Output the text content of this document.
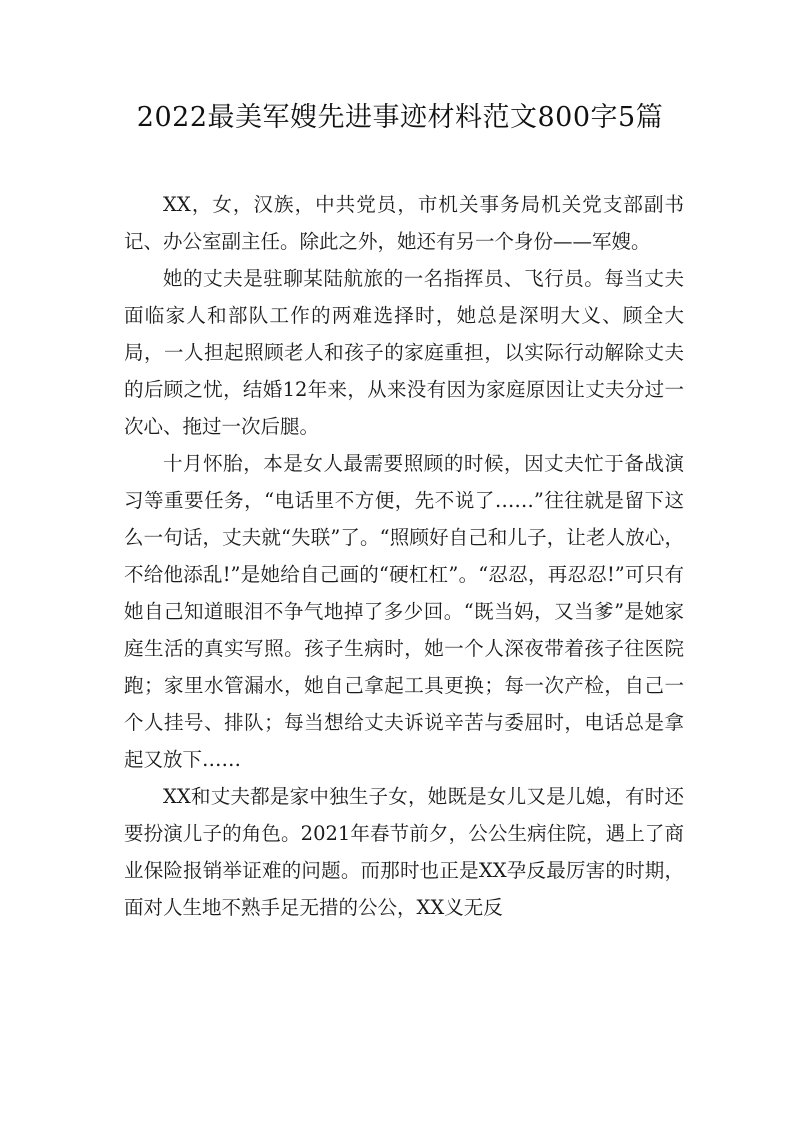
2022最美军嫂先进事迹材料范文800字5篇

XX，女，汉族，中共党员，市机关事务局机关党支部副书记、办公室副主任。除此之外，她还有另一个身份——军嫂。

她的丈夫是驻聊某陆航旅的一名指挥员、飞行员。每当丈夫面临家人和部队工作的两难选择时，她总是深明大义、顾全大局，一人担起照顾老人和孩子的家庭重担，以实际行动解除丈夫的后顾之忧，结婚12年来，从来没有因为家庭原因让丈夫分过一次心、拖过一次后腿。

十月怀胎，本是女人最需要照顾的时候，因丈夫忙于备战演习等重要任务，“电话里不方便，先不说了……”往往就是留下这么一句话，丈夫就“失联”了。“照顾好自己和儿子，让老人放心，不给他添乱!”是她给自己画的“硬杠杠”。“忍忍，再忍忍!”可只有她自己知道眼泪不争气地掉了多少回。“既当妈，又当爹”是她家庭生活的真实写照。孩子生病时，她一个人深夜带着孩子往医院跑；家里水管漏水，她自己拿起工具更换；每一次产检，自己一个人挂号、排队；每当想给丈夫诉说辛苦与委屈时，电话总是拿起又放下……

XX和丈夫都是家中独生子女，她既是女儿又是儿媳，有时还要扮演儿子的角色。2021年春节前夕，公公生病住院，遇上了商业保险报销举证难的问题。而那时也正是XX孕反最厉害的时期，面对人生地不熟手足无措的公公，XX义无反
